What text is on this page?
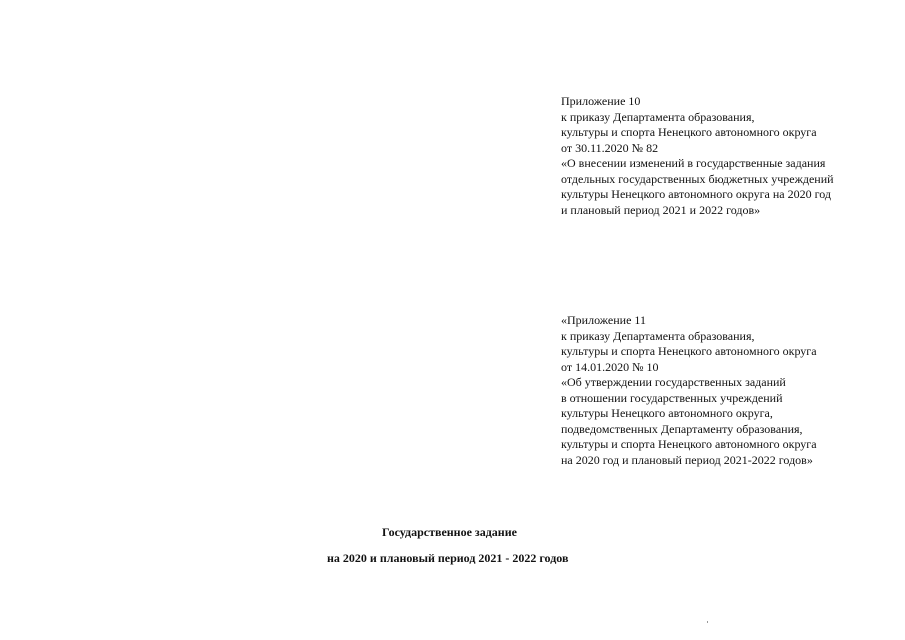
Приложение 10
к приказу Департамента образования,
культуры и спорта Ненецкого автономного округа
от 30.11.2020 № 82
«О внесении изменений в государственные задания
отдельных государственных бюджетных учреждений
культуры Ненецкого автономного округа на 2020 год
и плановый период 2021 и 2022 годов»
«Приложение 11
к приказу Департамента образования,
культуры и спорта Ненецкого автономного округа
от 14.01.2020 № 10
«Об утверждении государственных заданий
в отношении государственных учреждений
культуры Ненецкого автономного округа,
подведомственных Департаменту образования,
культуры и спорта Ненецкого автономного округа
на 2020 год и плановый период 2021-2022 годов»
Государственное задание
на 2020 и плановый период 2021 - 2022 годов
